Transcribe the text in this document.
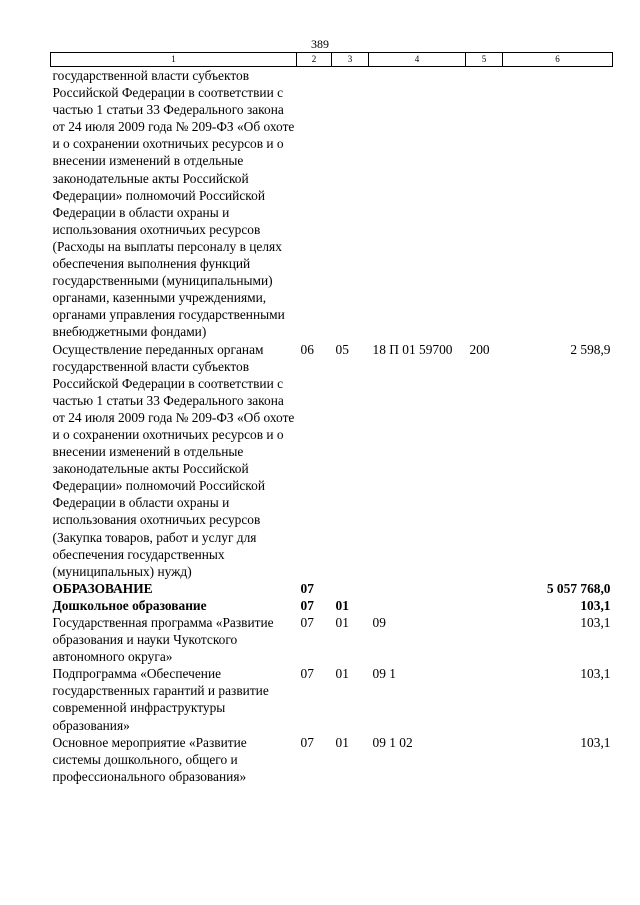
389
1	2	3	4	5	6
государственной власти субъектов Российской Федерации в соответствии с частью 1 статьи 33 Федерального закона от 24 июля 2009 года № 209-ФЗ «Об охоте и о сохранении охотничьих ресурсов и о внесении изменений в отдельные законодательные акты Российской Федерации» полномочий Российской Федерации в области охраны и использования охотничьих ресурсов (Расходы на выплаты персоналу в целях обеспечения выполнения функций государственными (муниципальными) органами, казенными учреждениями, органами управления государственными внебюджетными фондами)					
Осуществление переданных органам государственной власти субъектов Российской Федерации в соответствии с частью 1 статьи 33 Федерального закона от 24 июля 2009 года № 209-ФЗ «Об охоте и о сохранении охотничьих ресурсов и о внесении изменений в отдельные законодательные акты Российской Федерации» полномочий Российской Федерации в области охраны и использования охотничьих ресурсов (Закупка товаров, работ и услуг для обеспечения государственных (муниципальных) нужд)	06	05	18 П 01 59700	200	2 598,9
ОБРАЗОВАНИЕ	07				5 057 768,0
Дошкольное образование	07	01			103,1
Государственная программа «Развитие образования и науки Чукотского автономного округа»	07	01	09		103,1
Подпрограмма «Обеспечение государственных гарантий и развитие современной инфраструктуры образования»	07	01	09 1		103,1
Основное мероприятие «Развитие системы дошкольного, общего и профессионального образования»	07	01	09 1 02		103,1
